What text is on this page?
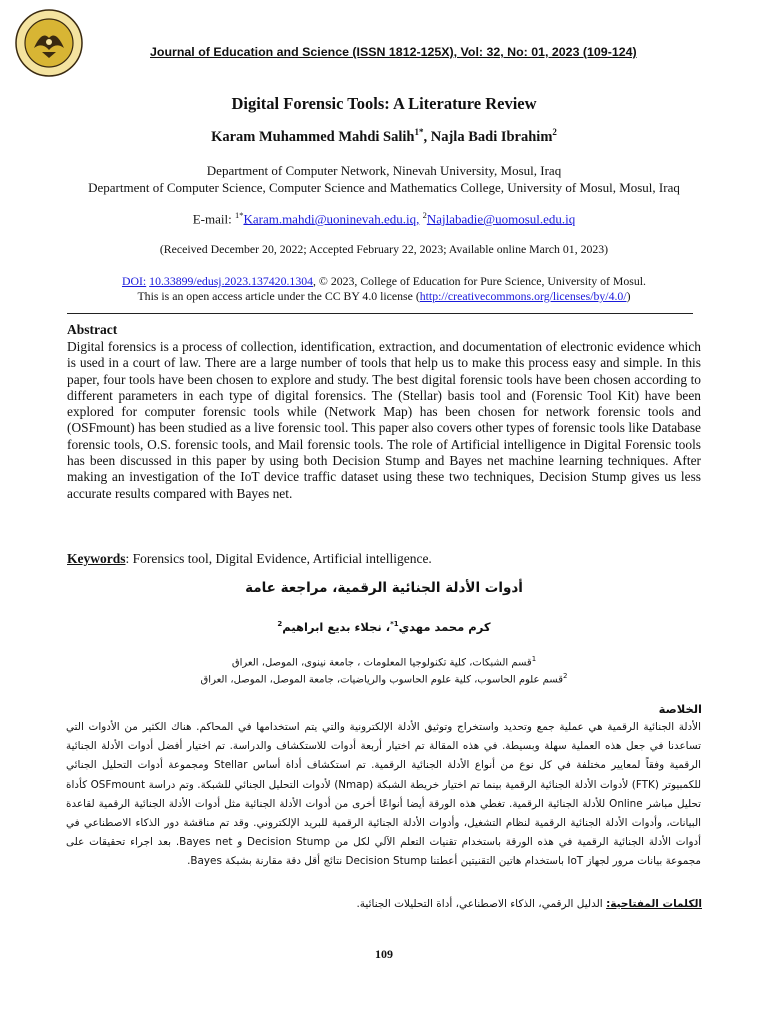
Journal of Education and Science (ISSN 1812-125X), Vol: 32, No: 01, 2023 (109-124)
Digital Forensic Tools: A Literature Review
Karam Muhammed Mahdi Salih$^{1*}$, Najla Badi Ibrahim$^2$
Department of Computer Network, Ninevah University, Mosul, Iraq
Department of Computer Science, Computer Science and Mathematics College, University of Mosul, Mosul, Iraq
E-mail: $^{1*}$Karam.mahdi@uoninevah.edu.iq, $^2$Najlabadie@uomosul.edu.iq
(Received December 20, 2022; Accepted February 22, 2023; Available online March 01, 2023)
DOI: 10.33899/edusj.2023.137420.1304, © 2023, College of Education for Pure Science, University of Mosul.
This is an open access article under the CC BY 4.0 license (http://creativecommons.org/licenses/by/4.0/)
Abstract
Digital forensics is a process of collection, identification, extraction, and documentation of electronic evidence which is used in a court of law. There are a large number of tools that help us to make this process easy and simple. In this paper, four tools have been chosen to explore and study. The best digital forensic tools have been chosen according to different parameters in each type of digital forensics. The (Stellar) basis tool and (Forensic Tool Kit) have been explored for computer forensic tools while (Network Map) has been chosen for network forensic tools and (OSFmount) has been studied as a live forensic tool. This paper also covers other types of forensic tools like Database forensic tools, O.S. forensic tools, and Mail forensic tools. The role of Artificial intelligence in Digital Forensic tools has been discussed in this paper by using both Decision Stump and Bayes net machine learning techniques. After making an investigation of the IoT device traffic dataset using these two techniques, Decision Stump gives us less accurate results compared with Bayes net.
Keywords: Forensics tool, Digital Evidence, Artificial intelligence.
أدوات الأدلة الجنائية الرقمية، مراجعة عامة
كرم محمد مهدي$^{1*}$، نجلاء بديع ابراهيم$^2$
$^1$قسم الشبكات، كلية تكنولوجيا المعلومات ، جامعة نينوى، الموصل، العراق
$^2$قسم علوم الحاسوب، كلية علوم الحاسوب والرياضيات، جامعة الموصل، الموصل، العراق
الخلاصة
الأدلة الجنائية الرقمية هي عملية جمع وتحديد واستخراج وتوثيق الأدلة الإلكترونية والتي يتم استخدامها في المحاكم. هناك الكثير من الأدوات التي تساعدنا في جعل هذه العملية سهلة وبسيطة. في هذه المقالة تم اختيار أربعة أدوات للاستكشاف والدراسة. تم اختيار أفضل أدوات الأدلة الجنائية الرقمية وفقاً لمعايير مختلفة في كل نوع من أنواع الأدلة الجنائية الرقمية. تم استكشاف أداة أساس Stellar ومجموعة أدوات التحليل الجنائي للكمبيوتر (FTK) لأدوات الأدلة الجنائية الرقمية بينما تم اختيار خريطة الشبكة (Nmap) لأدوات التحليل الجنائي للشبكة. وتم دراسة OSFmount كأداة تحليل مباشر Online للأدلة الجنائية الرقمية. تغطي هذه الورقة أيضا أنواعًا أخرى من أدوات الأدلة الجنائية مثل أدوات الأدلة الجنائية الرقمية لقاعدة البيانات، وأدوات الأدلة الجنائية الرقمية لنظام التشغيل، وأدوات الأدلة الجنائية الرقمية للبريد الإلكتروني. وقد تم مناقشة دور الذكاء الاصطناعي في أدوات الأدلة الجنائية الرقمية في هذه الورقة باستخدام تقنيات التعلم الآلي لكل من Decision Stump و Bayes net. بعد اجراء تحقيقات على مجموعة بيانات مرور لجهاز IoT باستخدام هاتين التقنيتين أعطتنا Decision Stump نتائج أقل دقة مقارنة بشبكة Bayes.
الكلمات المفتاحية: الدليل الرقمي، الذكاء الاصطناعي، أداة التحليلات الجنائية.
109
